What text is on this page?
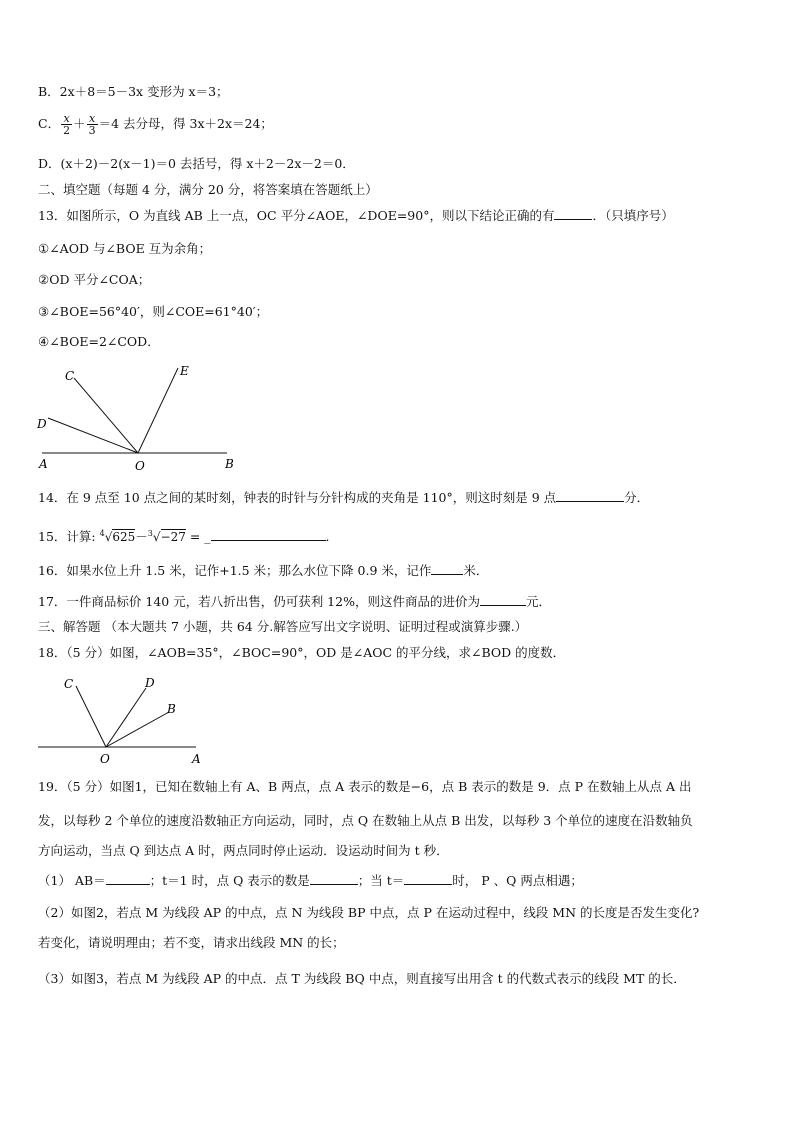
B．2x＋8＝5－3x 变形为 x＝3；
C． $\frac{x}{2} + \frac{x}{3} =4$ 去分母，得 3x＋2x＝24；
D．(x＋2)－2(x－1)＝0 去括号，得 x＋2－2x－2＝0．
二、填空题（每题 4 分，满分 20 分，将答案填在答题纸上）
13．如图所示，O 为直线 AB 上一点，OC 平分∠AOE，∠DOE=90°，则以下结论正确的有	．（只填序号）
①∠AOD 与∠BOE 互为余角；
②OD 平分∠COA；
③∠BOE=56°40′，则∠COE=61°40′；
④∠BOE=2∠COD．
C	E
D
A	O	B
14．在 9 点至 10 点之间的某时刻，钟表的时针与分针构成的夹角是 110°，则这时刻是 9 点	分．
15．计算: $^4$√625－$^3$√−27 = _	．
16．如果水位上升 1.5 米，记作+1.5 米；那么水位下降 0.9 米，记作	米．
17．一件商品标价 140 元，若八折出售，仍可获利 12%，则这件商品的进价为	元．
三、解答题 （本大题共 7 小题，共 64 分.解答应写出文字说明、证明过程或演算步骤.）
18．（5 分）如图，∠AOB=35°，∠BOC=90°，OD 是∠AOC 的平分线，求∠BOD 的度数．
C	D
B
O	A
19．（5 分）如图1，已知在数轴上有 A、B 两点，点 A 表示的数是−6，点 B 表示的数是 9．点 P 在数轴上从点 A 出
发，以每秒 2 个单位的速度沿数轴正方向运动，同时，点 Q 在数轴上从点 B 出发，以每秒 3 个单位的速度在沿数轴负
方向运动，当点 Q 到达点 A 时，两点同时停止运动．设运动时间为 t 秒．
（1） AB＝	；t＝1 时，点 Q 表示的数是	；当 t＝	时， P 、Q 两点相遇；
（2）如图2，若点 M 为线段 AP 的中点，点 N 为线段 BP 中点，点 P 在运动过程中，线段 MN 的长度是否发生变化?
若变化，请说明理由；若不变，请求出线段 MN 的长；
（3）如图3，若点 M 为线段 AP 的中点．点 T 为线段 BQ 中点，则直接写出用含 t 的代数式表示的线段 MT 的长．
